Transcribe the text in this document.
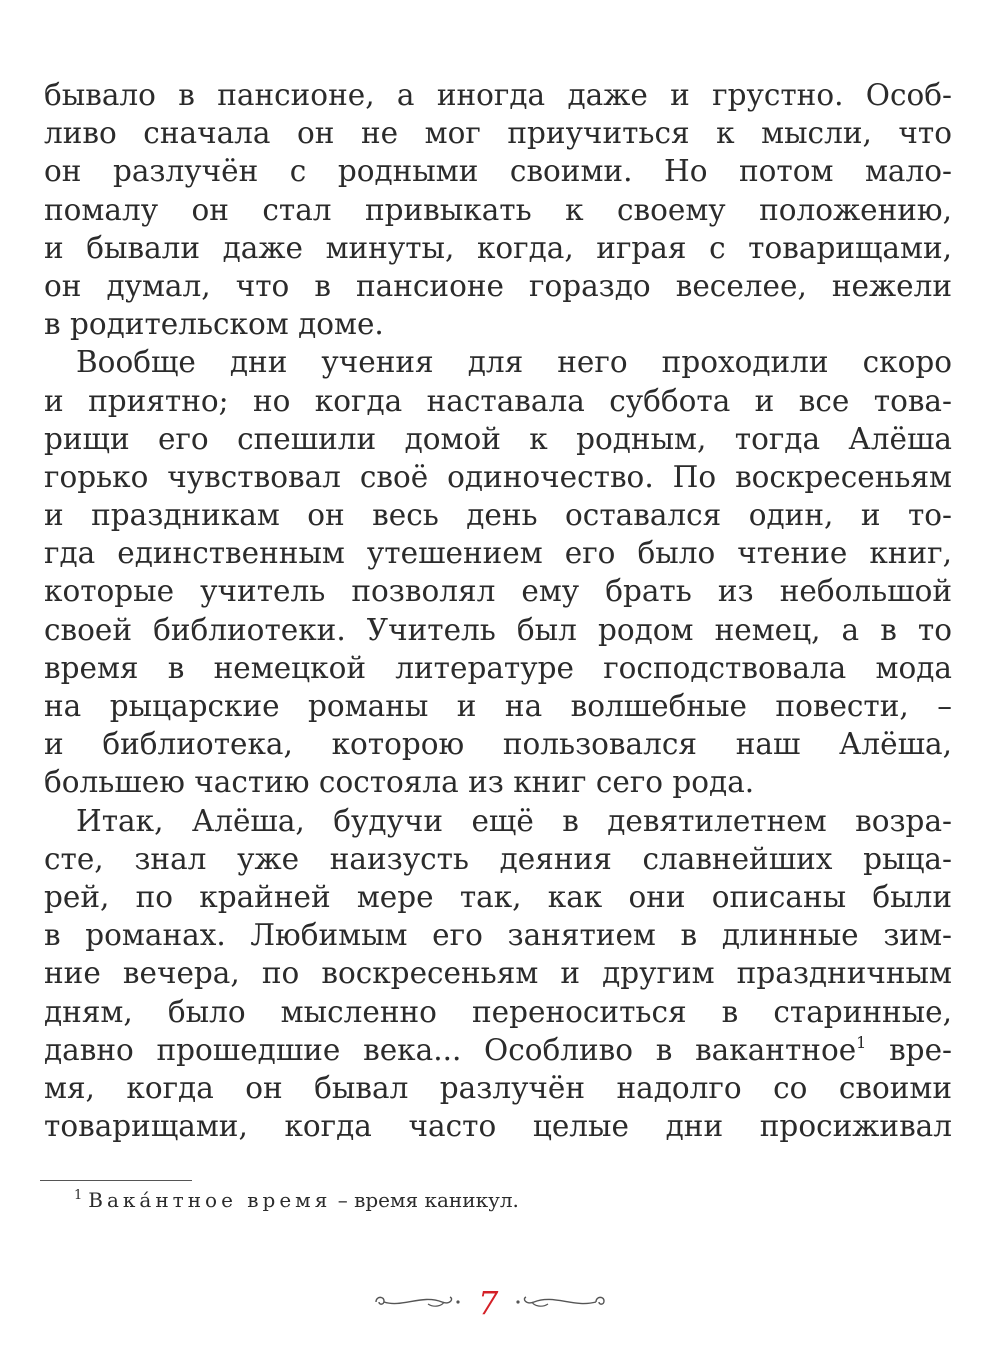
бывало в пансионе, а иногда даже и грустно. Особ-
ливо сначала он не мог приучиться к мысли, что
он разлучён с родными своими. Но потом мало-
помалу он стал привыкать к своему положению,
и бывали даже минуты, когда, играя с товарищами,
он думал, что в пансионе гораздо веселее, нежели
в родительском доме.
Вообще дни учения для него проходили скоро
и приятно; но когда наставала суббота и все това-
рищи его спешили домой к родным, тогда Алёша
горько чувствовал своё одиночество. По воскресеньям
и праздникам он весь день оставался один, и то-
гда единственным утешением его было чтение книг,
которые учитель позволял ему брать из небольшой
своей библиотеки. Учитель был родом немец, а в то
время в немецкой литературе господствовала мода
на рыцарские романы и на волшебные повести, –
и библиотека, которою пользовался наш Алёша,
большею частию состояла из книг сего рода.
Итак, Алёша, будучи ещё в девятилетнем возра-
сте, знал уже наизусть деяния славнейших рыца-
рей, по крайней мере так, как они описаны были
в романах. Любимым его занятием в длинные зим-
ние вечера, по воскресеньям и другим праздничным
дням, было мысленно переноситься в старинные,
давно прошедшие века... Особливо в вакантное$^1$ вре-
мя, когда он бывал разлучён надолго со своими
товарищами, когда часто целые дни просиживал
$^1$ Вака́нтное время – время каникул.
7
